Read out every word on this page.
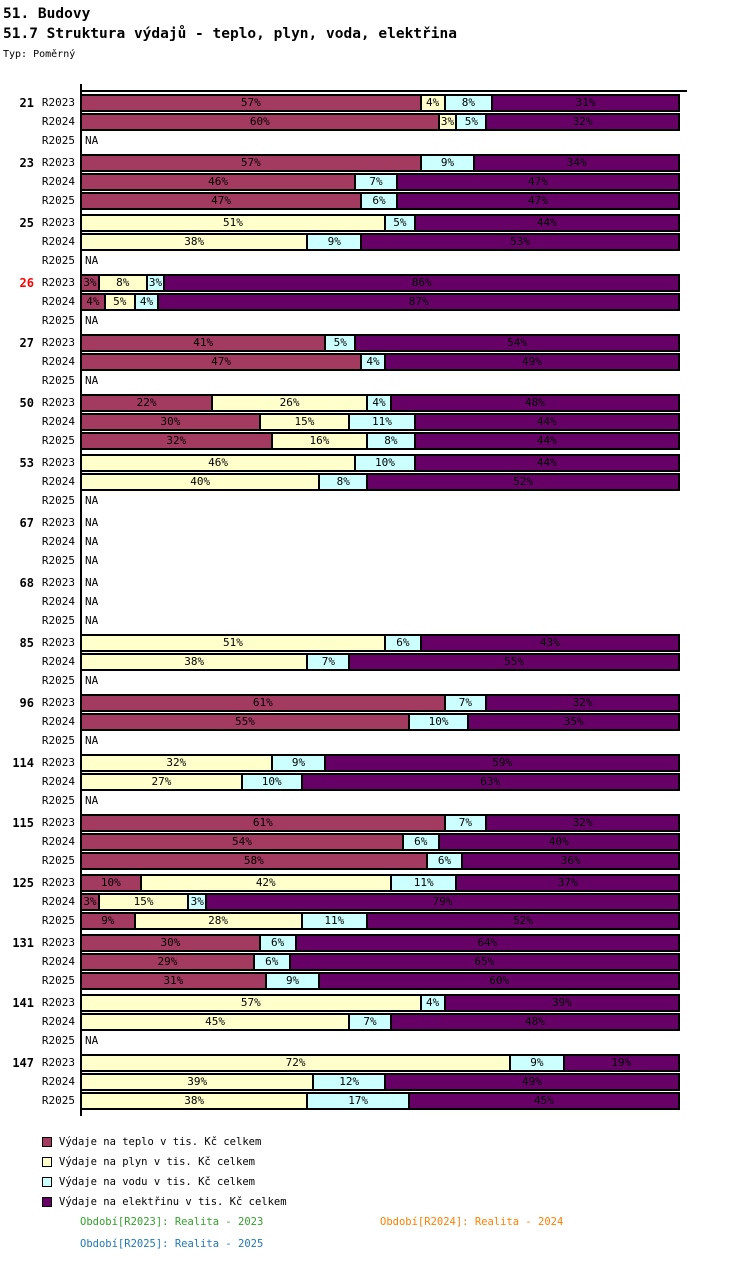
51. Budovy
51.7 Struktura výdajů - teplo, plyn, voda, elektřina
Typ: Poměrný
21 R2023	57%	4% 8%	31%
R2024	60%	3% 5%	32%
R2025 NA
23 R2023	57%	9%	34%
R2024	46%	7%	47%
R2025	47%	6%	47%
25 R2023	51%	5%	44%
R2024	38%	9%	53%
R2025 NA
26 R2023 3% 8% 3%	86%
R2024	4% 5% 4%	87%
R2025 NA
27 R2023	41%	5%	54%
R2024	47%	4%	49%
R2025 NA
50 R2023	22%	26%	4%	48%
R2024	30%	15%	11%	44%
R2025	32%	16%	8%	44%
53 R2023	46%	10%	44%
R2024	40%	8%	52%
R2025 NA
67 R2023 NA
R2024 NA
R2025 NA
68 R2023 NA
R2024 NA
R2025 NA
85 R2023	51%	6%	43%
R2024	38%	7%	55%
R2025 NA
96 R2023	61%	7%	32%
R2024	55%	10%	35%
R2025 NA
114 R2023	32%	9%	59%
R2024	27%	10%	63%
R2025 NA
115 R2023	61%	7%	32%
R2024	54%	6%	40%
R2025	58%	6%	36%
125 R2023	10%	42%	11%	37%
R2024 3%	15%	3%	79%
R2025	9%	28%	11%	52%
131 R2023	30%	6%	64%
R2024	29%	6%	65%
R2025	31%	9%	60%
141 R2023	57%	4%	39%
R2024	45%	7%	48%
R2025 NA
147 R2023	72%	9%	19%
R2024	39%	12%	49%
R2025	38%	17%	45%
Výdaje na teplo v tis. Kč celkem
Výdaje na plyn v tis. Kč celkem
Výdaje na vodu v tis. Kč celkem
Výdaje na elektřinu v tis. Kč celkem
Období[R2023]: Realita - 2023	Období[R2024]: Realita - 2024
Období[R2025]: Realita - 2025
